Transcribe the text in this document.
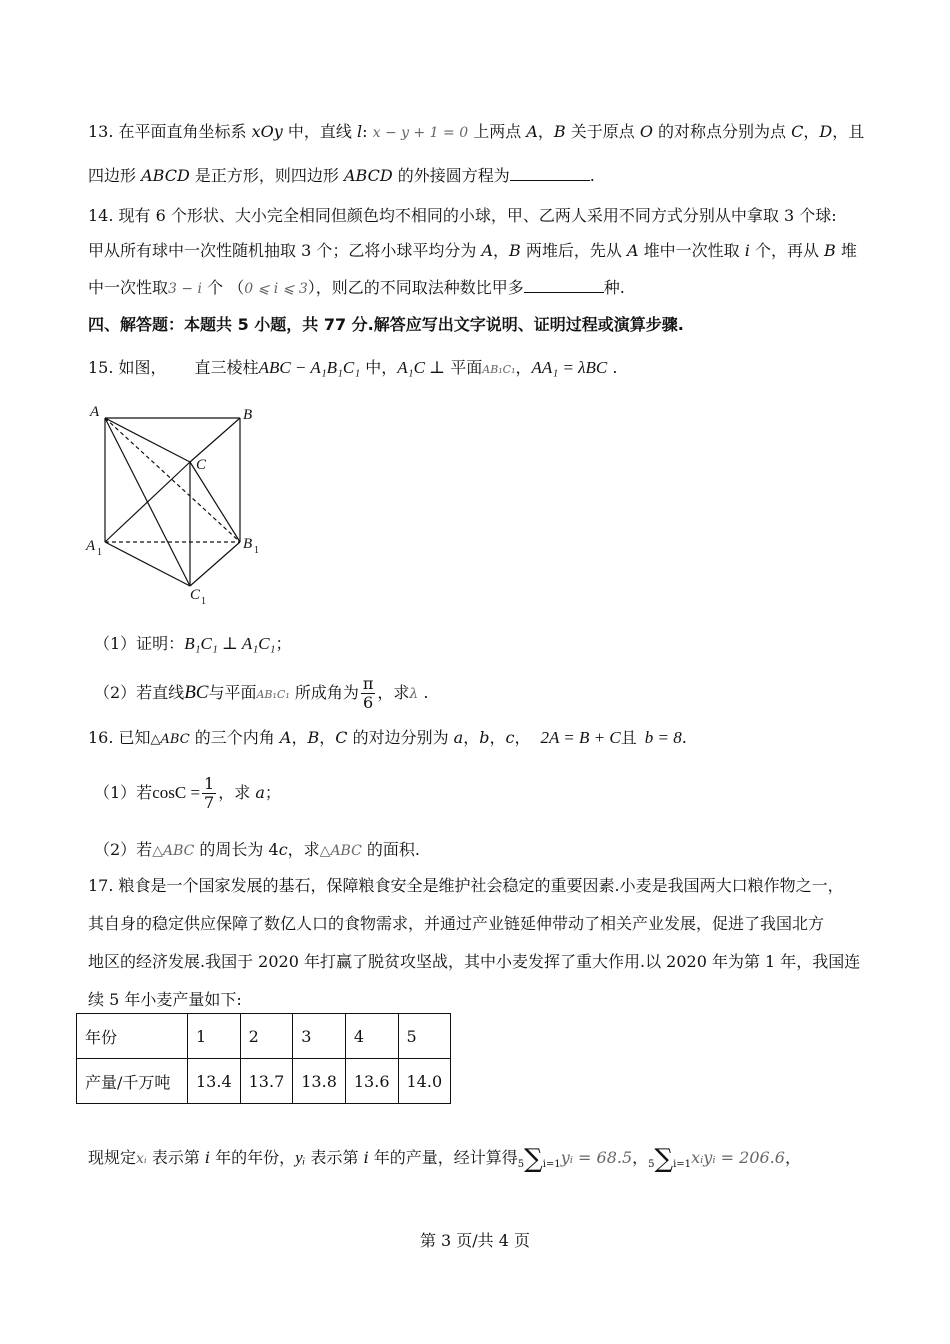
13. 在平面直角坐标系 xOy 中，直线 l: x − y + 1 = 0 上两点 A，B 关于原点 O 的对称点分别为点 C，D，且
四边形 ABCD 是正方形，则四边形 ABCD 的外接圆方程为	.
14. 现有 6 个形状、大小完全相同但颜色均不相同的小球，甲、乙两人采用不同方式分别从中拿取 3 个球:
甲从所有球中一次性随机抽取 3 个；乙将小球平均分为 A，B 两堆后，先从 A 堆中一次性取 i 个，再从 B 堆
中一次性取3 − i 个 （0 ⩽ i ⩽ 3），则乙的不同取法种数比甲多	种.
四、解答题：本题共 5 小题，共 77 分.解答应写出文字说明、证明过程或演算步骤.
15. 如图， 直三棱柱ABC − A₁B₁C₁ 中，A₁C ⊥ 平面AB₁C₁，AA₁ = λBC .
A	B
C
A 1
B 1
C 1
（1）证明：B₁C₁ ⊥ A₁C₁；
（2）若直线BC与平面AB₁C₁ 所成角为 $\frac{\pi}{6}$ ，求λ .
16. 已知△ABC 的三个内角 A，B，C 的对边分别为 a，b，c， 2A = B + C且 b = 8.
（1）若$\cos C = \frac{1}{7}$ ，求 a；
（2）若△ABC 的周长为 4c，求△ABC 的面积.
17. 粮食是一个国家发展的基石，保障粮食安全是维护社会稳定的重要因素.小麦是我国两大口粮作物之一，
其自身的稳定供应保障了数亿人口的食物需求，并通过产业链延伸带动了相关产业发展，促进了我国北方
地区的经济发展.我国于 2020 年打赢了脱贫攻坚战，其中小麦发挥了重大作用.以 2020 年为第 1 年，我国连
续 5 年小麦产量如下:
年份	1	2	3	4	5
产量/千万吨	13.4	13.7	13.8	13.6	14.0
现规定xᵢ 表示第 i 年的年份，yᵢ 表示第 i 年的产量，经计算得5∑i=1yᵢ = 68.5，5∑i=1xᵢyᵢ = 206.6，
第 3 页/共 4 页
